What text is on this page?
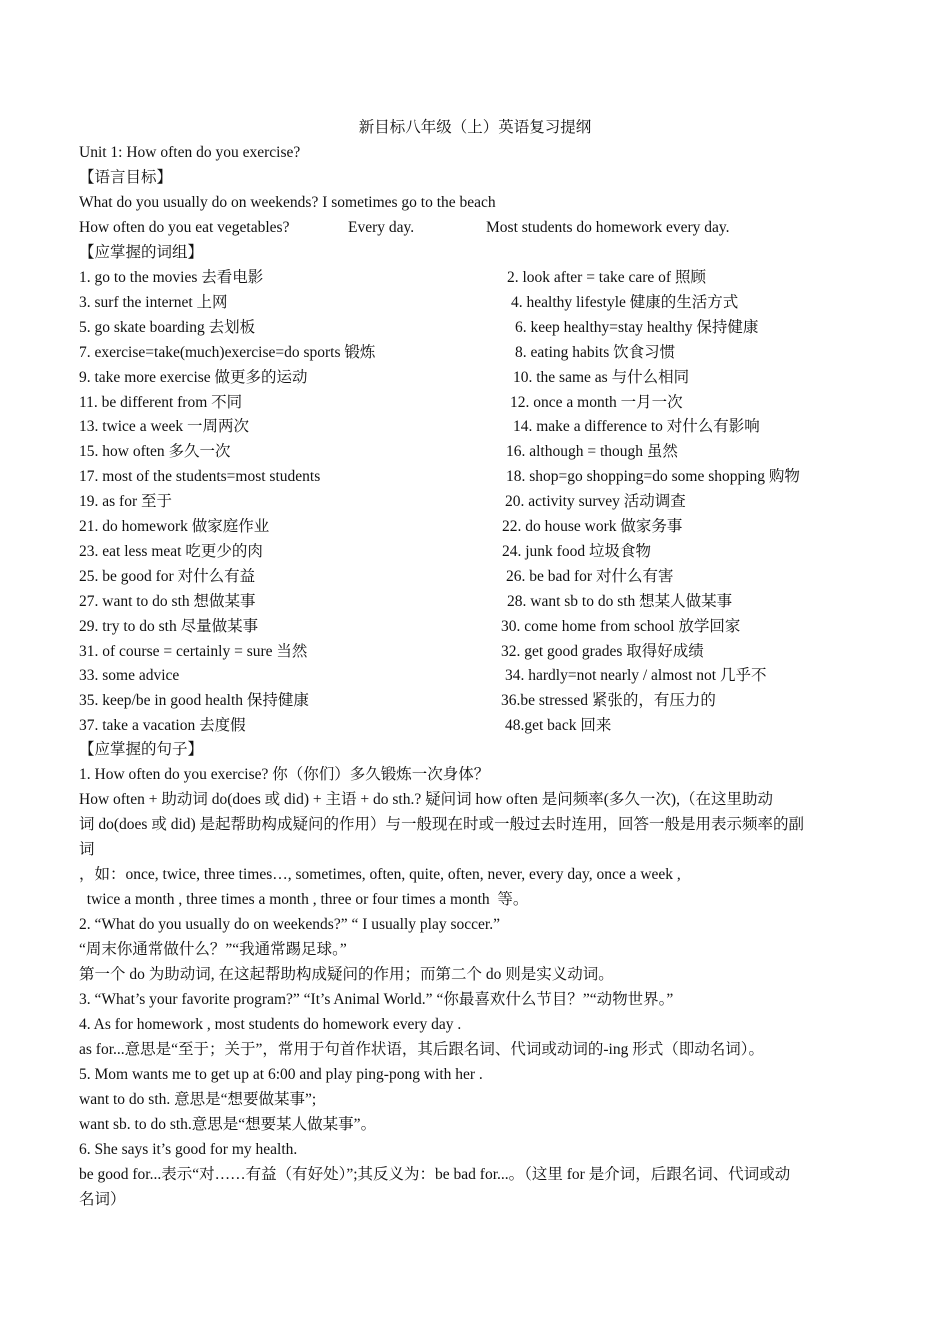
新目标八年级（上）英语复习提纲
Unit 1: How often do you exercise?
【语言目标】
What do you usually do on weekends? I sometimes go to the beach
How often do you eat vegetables?	Every day.	Most students do homework every day.
【应掌握的词组】
1. go to the movies 去看电影	2. look after = take care of 照顾
3. surf the internet 上网	4. healthy lifestyle 健康的生活方式
5. go skate boarding 去划板	6. keep healthy=stay healthy 保持健康
7. exercise=take(much)exercise=do sports 锻炼	8. eating habits 饮食习惯
9. take more exercise 做更多的运动	10. the same as 与什么相同
11. be different from 不同	12. once a month 一月一次
13. twice a week 一周两次	14. make a difference to 对什么有影响
15. how often 多久一次	16. although = though 虽然
17. most of the students=most students	18. shop=go shopping=do some shopping 购物
19. as for 至于	20. activity survey 活动调查
21. do homework 做家庭作业	22. do house work 做家务事
23. eat less meat 吃更少的肉	24. junk food 垃圾食物
25. be good for 对什么有益	26. be bad for 对什么有害
27. want to do sth 想做某事	28. want sb to do sth 想某人做某事
29. try to do sth 尽量做某事	30. come home from school 放学回家
31. of course = certainly = sure 当然	32. get good grades 取得好成绩
33. some advice	34. hardly=not nearly / almost not 几乎不
35. keep/be in good health 保持健康	36.be stressed 紧张的，有压力的
37. take a vacation 去度假	48.get back 回来
【应掌握的句子】
1. How often do you exercise? 你（你们）多久锻炼一次身体？
How often + 助动词 do(does 或 did) + 主语 + do sth.? 疑问词 how often 是问频率(多久一次),（在这里助动
词 do(does 或 did) 是起帮助构成疑问的作用）与一般现在时或一般过去时连用，回答一般是用表示频率的副
词
，如：once, twice, three times…, sometimes, often, quite, often, never, every day, once a week ,
twice a month , three times a month , three or four times a month  等。
2. “What do you usually do on weekends?” “ I usually play soccer.”
“周末你通常做什么？”“我通常踢足球。”
第一个 do 为助动词, 在这起帮助构成疑问的作用；而第二个 do 则是实义动词。
3. “What’s your favorite program?” “It’s Animal World.” “你最喜欢什么节目？”“动物世界。”
4. As for homework , most students do homework every day .
as for...意思是“至于；关于”，常用于句首作状语，其后跟名词、代词或动词的-ing 形式（即动名词）。
5. Mom wants me to get up at 6:00 and play ping-pong with her .
want to do sth. 意思是“想要做某事”;
want sb. to do sth.意思是“想要某人做某事”。
6. She says it’s good for my health.
be good for...表示“对……有益（有好处）”;其反义为：be bad for...。（这里 for 是介词，后跟名词、代词或动
名词）
